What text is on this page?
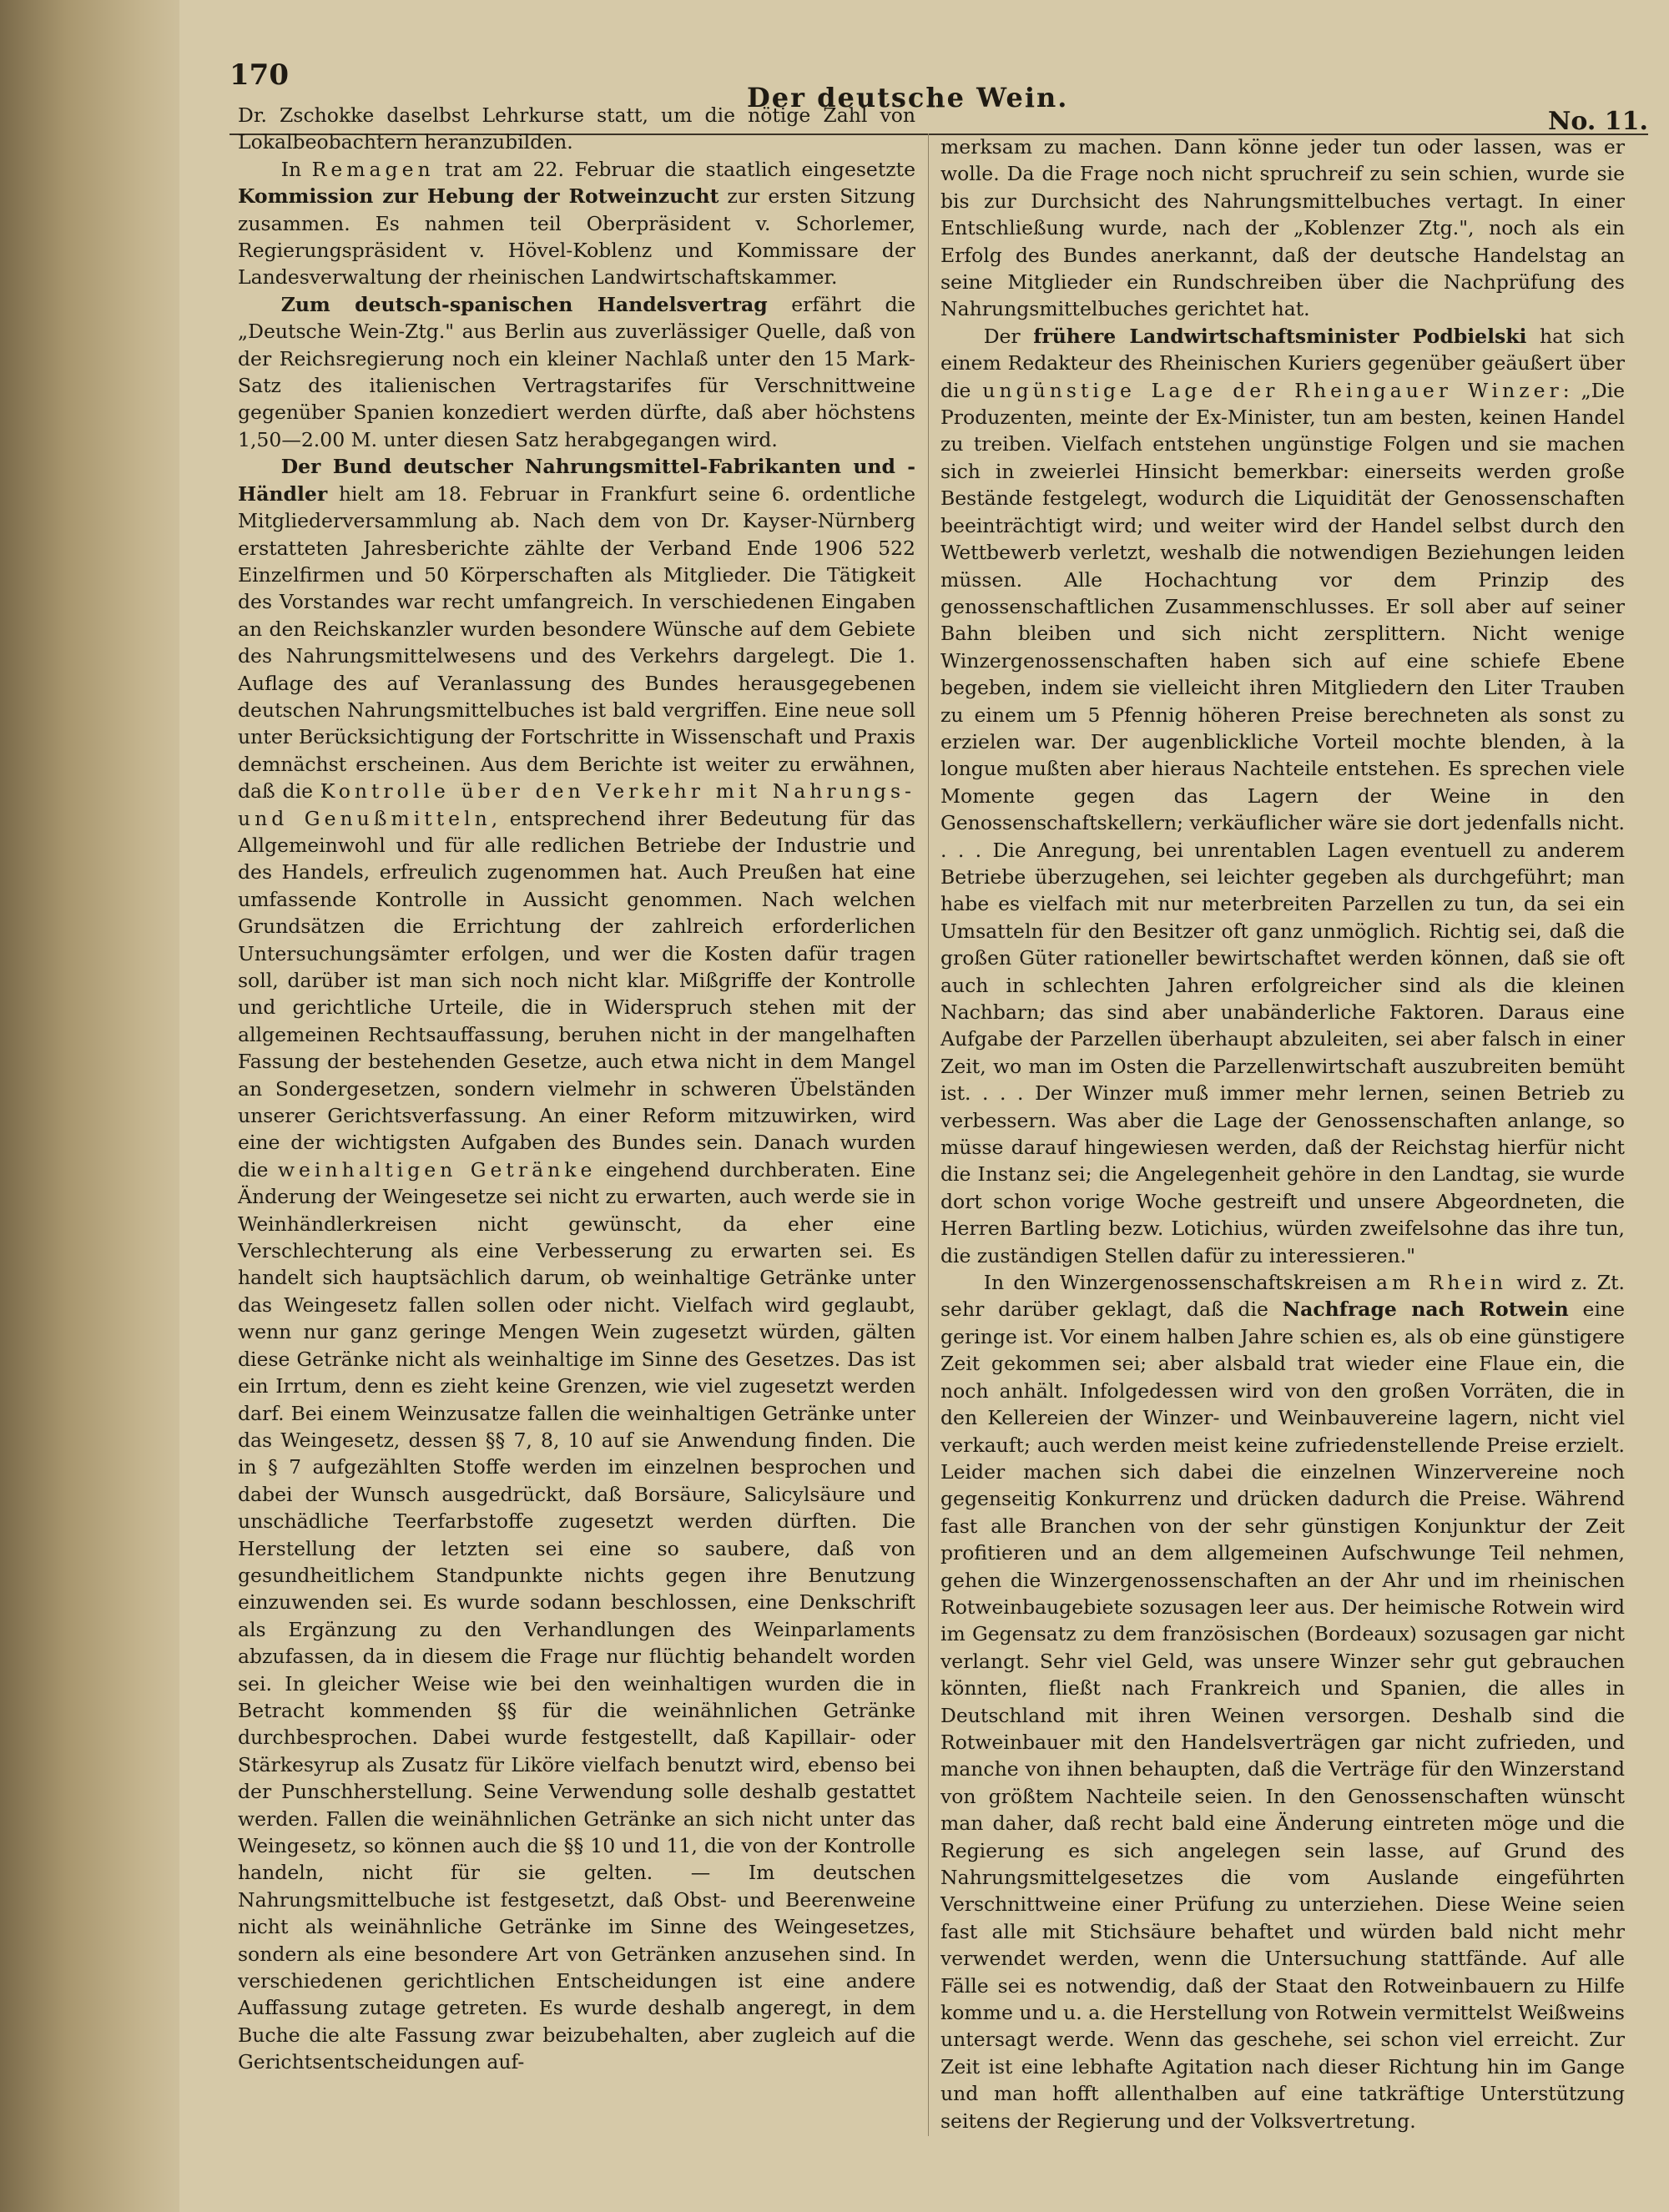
170
Der deutsche Wein.
No. 11.

Dr. Zschokke daselbst Lehrkurse statt, um die nötige Zahl von Lokalbeobachtern heranzubilden.

In Remagen trat am 22. Februar die staatlich eingesetzte Kommission zur Hebung der Rotweinzucht zur ersten Sitzung zusammen. Es nahmen teil Oberpräsident v. Schorlemer, Regierungspräsident v. Hövel-Koblenz und Kommissare der Landesverwaltung der rheinischen Landwirtschaftskammer.

Zum deutsch-spanischen Handelsvertrag erfährt die „Deutsche Wein-Ztg." aus Berlin aus zuverlässiger Quelle, daß von der Reichsregierung noch ein kleiner Nachlaß unter den 15 Mark-Satz des italienischen Vertragstarifes für Verschnittweine gegenüber Spanien konzediert werden dürfte, daß aber höchstens 1,50—2.00 M. unter diesen Satz herabgegangen wird.

Der Bund deutscher Nahrungsmittel-Fabrikanten und -Händler hielt am 18. Februar in Frankfurt seine 6. ordentliche Mitgliederversammlung ab. Nach dem von Dr. Kayser-Nürnberg erstatteten Jahresberichte zählte der Verband Ende 1906 522 Einzelfirmen und 50 Körperschaften als Mitglieder. Die Tätigkeit des Vorstandes war recht umfangreich. In verschiedenen Eingaben an den Reichskanzler wurden besondere Wünsche auf dem Gebiete des Nahrungsmittelwesens und des Verkehrs dargelegt. Die 1. Auflage des auf Veranlassung des Bundes herausgegebenen deutschen Nahrungsmittelbuches ist bald vergriffen. Eine neue soll unter Berücksichtigung der Fortschritte in Wissenschaft und Praxis demnächst erscheinen. Aus dem Berichte ist weiter zu erwähnen, daß die Kontrolle über den Verkehr mit Nahrungs- und Genußmitteln, entsprechend ihrer Bedeutung für das Allgemeinwohl und für alle redlichen Betriebe der Industrie und des Handels, erfreulich zugenommen hat. Auch Preußen hat eine umfassende Kontrolle in Aussicht genommen. Nach welchen Grundsätzen die Errichtung der zahlreich erforderlichen Untersuchungsämter erfolgen, und wer die Kosten dafür tragen soll, darüber ist man sich noch nicht klar. Mißgriffe der Kontrolle und gerichtliche Urteile, die in Widerspruch stehen mit der allgemeinen Rechtsauffassung, beruhen nicht in der mangelhaften Fassung der bestehenden Gesetze, auch etwa nicht in dem Mangel an Sondergesetzen, sondern vielmehr in schweren Übelständen unserer Gerichtsverfassung. An einer Reform mitzuwirken, wird eine der wichtigsten Aufgaben des Bundes sein. Danach wurden die weinhaltigen Getränke eingehend durchberaten. Eine Änderung der Weingesetze sei nicht zu erwarten, auch werde sie in Weinhändlerkreisen nicht gewünscht, da eher eine Verschlechterung als eine Verbesserung zu erwarten sei. Es handelt sich hauptsächlich darum, ob weinhaltige Getränke unter das Weingesetz fallen sollen oder nicht. Vielfach wird geglaubt, wenn nur ganz geringe Mengen Wein zugesetzt würden, gälten diese Getränke nicht als weinhaltige im Sinne des Gesetzes. Das ist ein Irrtum, denn es zieht keine Grenzen, wie viel zugesetzt werden darf. Bei einem Weinzusatze fallen die weinhaltigen Getränke unter das Weingesetz, dessen §§ 7, 8, 10 auf sie Anwendung finden. Die in § 7 aufgezählten Stoffe werden im einzelnen besprochen und dabei der Wunsch ausgedrückt, daß Borsäure, Salicylsäure und unschädliche Teerfarbstoffe zugesetzt werden dürften. Die Herstellung der letzten sei eine so saubere, daß von gesundheitlichem Standpunkte nichts gegen ihre Benutzung einzuwenden sei. Es wurde sodann beschlossen, eine Denkschrift als Ergänzung zu den Verhandlungen des Weinparlaments abzufassen, da in diesem die Frage nur flüchtig behandelt worden sei. In gleicher Weise wie bei den weinhaltigen wurden die in Betracht kommenden §§ für die weinähnlichen Getränke durchbesprochen. Dabei wurde festgestellt, daß Kapillair- oder Stärkesyrup als Zusatz für Liköre vielfach benutzt wird, ebenso bei der Punschherstellung. Seine Verwendung solle deshalb gestattet werden. Fallen die weinähnlichen Getränke an sich nicht unter das Weingesetz, so können auch die §§ 10 und 11, die von der Kontrolle handeln, nicht für sie gelten. — Im deutschen Nahrungsmittelbuche ist festgesetzt, daß Obst- und Beerenweine nicht als weinähnliche Getränke im Sinne des Weingesetzes, sondern als eine besondere Art von Getränken anzusehen sind. In verschiedenen gerichtlichen Entscheidungen ist eine andere Auffassung zutage getreten. Es wurde deshalb angeregt, in dem Buche die alte Fassung zwar beizubehalten, aber zugleich auf die Gerichtsentscheidungen auf-

merksam zu machen. Dann könne jeder tun oder lassen, was er wolle. Da die Frage noch nicht spruchreif zu sein schien, wurde sie bis zur Durchsicht des Nahrungsmittelbuches vertagt. In einer Entschließung wurde, nach der „Koblenzer Ztg.", noch als ein Erfolg des Bundes anerkannt, daß der deutsche Handelstag an seine Mitglieder ein Rundschreiben über die Nachprüfung des Nahrungsmittelbuches gerichtet hat.

Der frühere Landwirtschaftsminister Podbielski hat sich einem Redakteur des Rheinischen Kuriers gegenüber geäußert über die ungünstige Lage der Rheingauer Winzer: „Die Produzenten, meinte der Ex-Minister, tun am besten, keinen Handel zu treiben. Vielfach entstehen ungünstige Folgen und sie machen sich in zweierlei Hinsicht bemerkbar: einerseits werden große Bestände festgelegt, wodurch die Liquidität der Genossenschaften beeinträchtigt wird; und weiter wird der Handel selbst durch den Wettbewerb verletzt, weshalb die notwendigen Beziehungen leiden müssen. Alle Hochachtung vor dem Prinzip des genossenschaftlichen Zusammenschlusses. Er soll aber auf seiner Bahn bleiben und sich nicht zersplittern. Nicht wenige Winzergenossenschaften haben sich auf eine schiefe Ebene begeben, indem sie vielleicht ihren Mitgliedern den Liter Trauben zu einem um 5 Pfennig höheren Preise berechneten als sonst zu erzielen war. Der augenblickliche Vorteil mochte blenden, à la longue mußten aber hieraus Nachteile entstehen. Es sprechen viele Momente gegen das Lagern der Weine in den Genossenschaftskellern; verkäuflicher wäre sie dort jedenfalls nicht. . . . Die Anregung, bei unrentablen Lagen eventuell zu anderem Betriebe überzugehen, sei leichter gegeben als durchgeführt; man habe es vielfach mit nur meterbreiten Parzellen zu tun, da sei ein Umsatteln für den Besitzer oft ganz unmöglich. Richtig sei, daß die großen Güter rationeller bewirtschaftet werden können, daß sie oft auch in schlechten Jahren erfolgreicher sind als die kleinen Nachbarn; das sind aber unabänderliche Faktoren. Daraus eine Aufgabe der Parzellen überhaupt abzuleiten, sei aber falsch in einer Zeit, wo man im Osten die Parzellenwirtschaft auszubreiten bemüht ist. . . . Der Winzer muß immer mehr lernen, seinen Betrieb zu verbessern. Was aber die Lage der Genossenschaften anlange, so müsse darauf hingewiesen werden, daß der Reichstag hierfür nicht die Instanz sei; die Angelegenheit gehöre in den Landtag, sie wurde dort schon vorige Woche gestreift und unsere Abgeordneten, die Herren Bartling bezw. Lotichius, würden zweifelsohne das ihre tun, die zuständigen Stellen dafür zu interessieren."

In den Winzergenossenschaftskreisen am Rhein wird z. Zt. sehr darüber geklagt, daß die Nachfrage nach Rotwein eine geringe ist. Vor einem halben Jahre schien es, als ob eine günstigere Zeit gekommen sei; aber alsbald trat wieder eine Flaue ein, die noch anhält. Infolgedessen wird von den großen Vorräten, die in den Kellereien der Winzer- und Weinbauvereine lagern, nicht viel verkauft; auch werden meist keine zufriedenstellende Preise erzielt. Leider machen sich dabei die einzelnen Winzervereine noch gegenseitig Konkurrenz und drücken dadurch die Preise. Während fast alle Branchen von der sehr günstigen Konjunktur der Zeit profitieren und an dem allgemeinen Aufschwunge Teil nehmen, gehen die Winzergenossenschaften an der Ahr und im rheinischen Rotweinbaugebiete sozusagen leer aus. Der heimische Rotwein wird im Gegensatz zu dem französischen (Bordeaux) sozusagen gar nicht verlangt. Sehr viel Geld, was unsere Winzer sehr gut gebrauchen könnten, fließt nach Frankreich und Spanien, die alles in Deutschland mit ihren Weinen versorgen. Deshalb sind die Rotweinbauer mit den Handelsverträgen gar nicht zufrieden, und manche von ihnen behaupten, daß die Verträge für den Winzerstand von größtem Nachteile seien. In den Genossenschaften wünscht man daher, daß recht bald eine Änderung eintreten möge und die Regierung es sich angelegen sein lasse, auf Grund des Nahrungsmittelgesetzes die vom Auslande eingeführten Verschnittweine einer Prüfung zu unterziehen. Diese Weine seien fast alle mit Stichsäure behaftet und würden bald nicht mehr verwendet werden, wenn die Untersuchung stattfände. Auf alle Fälle sei es notwendig, daß der Staat den Rotweinbauern zu Hilfe komme und u. a. die Herstellung von Rotwein vermittelst Weißweins untersagt werde. Wenn das geschehe, sei schon viel erreicht. Zur Zeit ist eine lebhafte Agitation nach dieser Richtung hin im Gange und man hofft allenthalben auf eine tatkräftige Unterstützung seitens der Regierung und der Volksvertretung.
